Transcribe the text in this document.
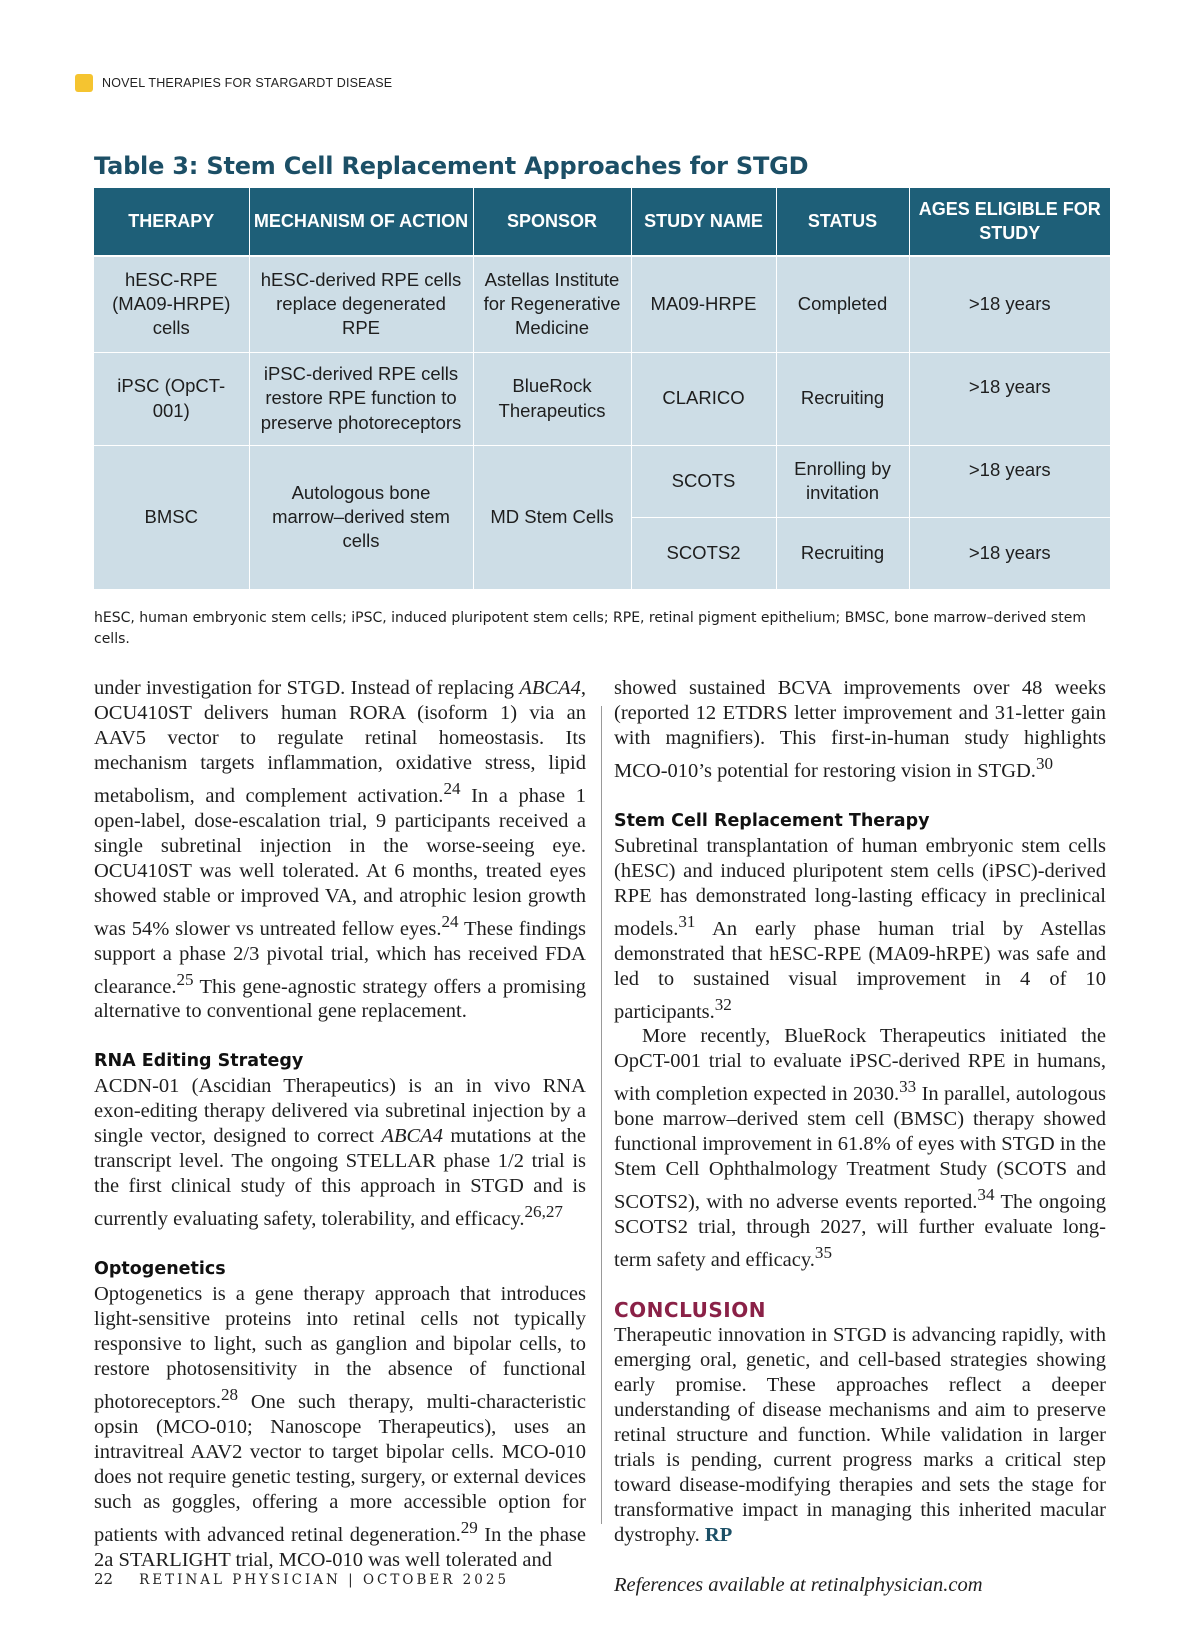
NOVEL THERAPIES FOR STARGARDT DISEASE
Table 3: Stem Cell Replacement Approaches for STGD
THERAPY	MECHANISM OF ACTION	SPONSOR	STUDY NAME	STATUS	AGES ELIGIBLE FOR STUDY
hESC-RPE (MA09-HRPE) cells	hESC-derived RPE cells replace degenerated RPE	Astellas Institute for Regenerative Medicine	MA09-HRPE	Completed	>18 years
iPSC (OpCT-001)	iPSC-derived RPE cells restore RPE function to preserve photoreceptors	BlueRock Therapeutics	CLARICO	Recruiting	>18 years
BMSC	Autologous bone marrow–derived stem cells	MD Stem Cells	SCOTS	Enrolling by invitation	>18 years
			SCOTS2	Recruiting	>18 years
hESC, human embryonic stem cells; iPSC, induced pluripotent stem cells; RPE, retinal pigment epithelium; BMSC, bone marrow–derived stem cells.

under investigation for STGD. Instead of replacing ABCA4, OCU410ST delivers human RORA (isoform 1) via an AAV5 vector to regulate retinal homeostasis. Its mechanism targets inflammation, oxidative stress, lipid metabolism, and complement activation.$^{24}$ In a phase 1 open-label, dose-escalation trial, 9 participants received a single subretinal injection in the worse-seeing eye. OCU410ST was well tolerated. At 6 months, treated eyes showed stable or improved VA, and atrophic lesion growth was 54% slower vs untreated fellow eyes.$^{24}$ These findings support a phase 2/3 pivotal trial, which has received FDA clearance.$^{25}$ This gene-agnostic strategy offers a promising alternative to conventional gene replacement.

RNA Editing Strategy

ACDN-01 (Ascidian Therapeutics) is an in vivo RNA exon-editing therapy delivered via subretinal injection by a single vector, designed to correct ABCA4 mutations at the transcript level. The ongoing STELLAR phase 1/2 trial is the first clinical study of this approach in STGD and is currently evaluating safety, tolerability, and efficacy.$^{26,27}$

Optogenetics

Optogenetics is a gene therapy approach that introduces light-sensitive proteins into retinal cells not typically responsive to light, such as ganglion and bipolar cells, to restore photosensitivity in the absence of functional photoreceptors.$^{28}$ One such therapy, multi-characteristic opsin (MCO-010; Nanoscope Therapeutics), uses an intravitreal AAV2 vector to target bipolar cells. MCO-010 does not require genetic testing, surgery, or external devices such as goggles, offering a more accessible option for patients with advanced retinal degeneration.$^{29}$ In the phase 2a STARLIGHT trial, MCO-010 was well tolerated and

showed sustained BCVA improvements over 48 weeks (reported 12 ETDRS letter improvement and 31-letter gain with magnifiers). This first-in-human study highlights MCO-010’s potential for restoring vision in STGD.$^{30}$

Stem Cell Replacement Therapy

Subretinal transplantation of human embryonic stem cells (hESC) and induced pluripotent stem cells (iPSC)-derived RPE has demonstrated long-lasting efficacy in preclinical models.$^{31}$ An early phase human trial by Astellas demonstrated that hESC-RPE (MA09-hRPE) was safe and led to sustained visual improvement in 4 of 10 participants.$^{32}$

More recently, BlueRock Therapeutics initiated the OpCT-001 trial to evaluate iPSC-derived RPE in humans, with completion expected in 2030.33 In parallel, autologous bone marrow–derived stem cell (BMSC) therapy showed functional improvement in 61.8% of eyes with STGD in the Stem Cell Ophthalmology Treatment Study (SCOTS and SCOTS2), with no adverse events reported.$^{34}$ The ongoing SCOTS2 trial, through 2027, will further evaluate long-term safety and efficacy.$^{35}$

CONCLUSION

Therapeutic innovation in STGD is advancing rapidly, with emerging oral, genetic, and cell-based strategies showing early promise. These approaches reflect a deeper understanding of disease mechanisms and aim to preserve retinal structure and function. While validation in larger trials is pending, current progress marks a critical step toward disease-modifying therapies and sets the stage for transformative impact in managing this inherited macular dystrophy. RP

References available at retinalphysician.com

22 RETINAL PHYSICIAN | OCTOBER 2025
